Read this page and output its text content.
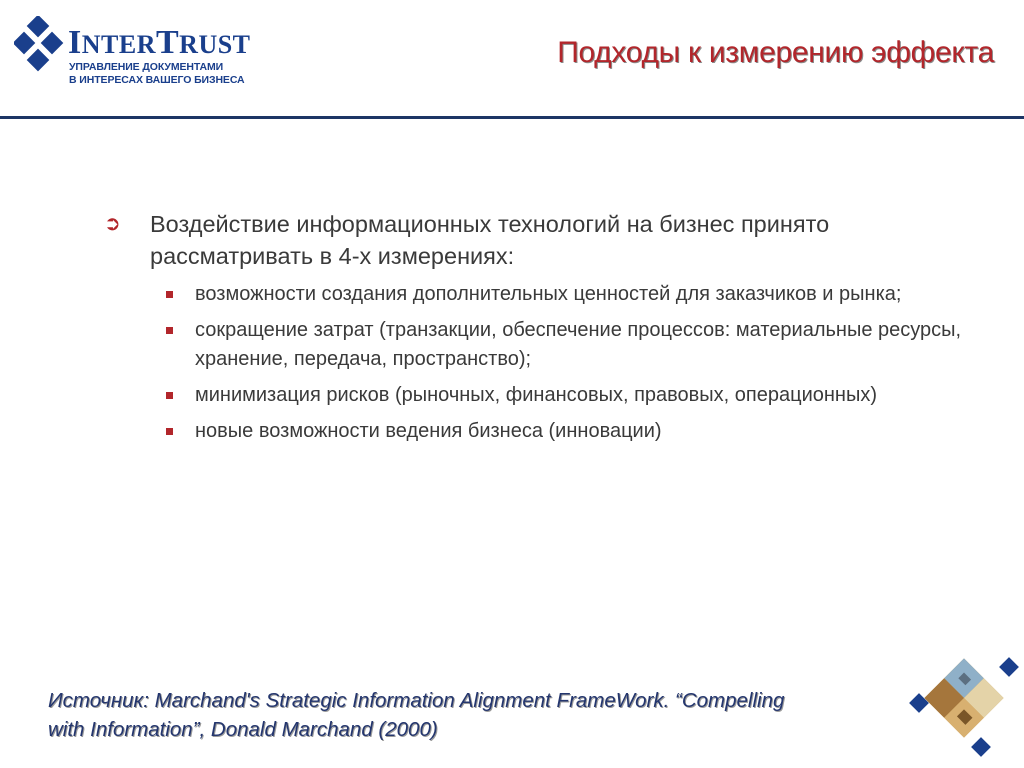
INTERTRUST
УПРАВЛЕНИЕ ДОКУМЕНТАМИ
В ИНТЕРЕСАХ ВАШЕГО БИЗНЕСА
Подходы к измерению эффекта
➲ Воздействие информационных технологий на бизнес принято рассматривать в 4-х измерениях:
возможности создания дополнительных ценностей для заказчиков и рынка;
сокращение затрат (транзакции, обеспечение процессов: материальные ресурсы, хранение, передача, пространство);
минимизация рисков (рыночных, финансовых, правовых, операционных)
новые возможности ведения бизнеса (инновации)
Источник: Marchand's Strategic Information Alignment FrameWork. “Compelling
with Information”, Donald Marchand (2000)
